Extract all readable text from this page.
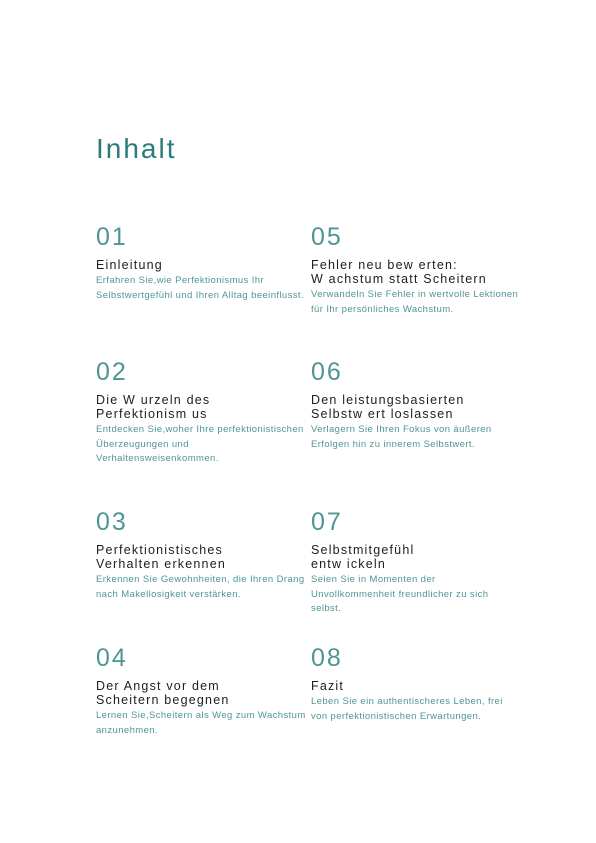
Inhalt
01
Einleitung
Erfahren Sie,wie Perfektionismus Ihr Selbstwertgefühl und Ihren Alltag beeinflusst.
02
Die W urzeln des
Perfektionism us
Entdecken Sie,woher Ihre perfektionistischen Überzeugungen und Verhaltensweisenkommen.
03
Perfektionistisches
Verhalten erkennen
Erkennen Sie Gewohnheiten, die Ihren Drang nach Makellosigkeit verstärken.
04
Der Angst vor dem
Scheitern begegnen
Lernen Sie,Scheitern als Weg zum Wachstum anzunehmen.
05
Fehler neu bew erten:
W achstum statt Scheitern
Verwandeln Sie Fehler in wertvolle Lektionen für Ihr persönliches Wachstum.
06
Den leistungsbasierten
Selbstw ert loslassen
Verlagern Sie Ihren Fokus von äußeren Erfolgen hin zu innerem Selbstwert.
07
Selbstmitgefühl
entw ickeln
Seien Sie in Momenten der Unvollkommenheit freundlicher zu sich selbst.
08
Fazit
Leben Sie ein authentischeres Leben, frei von perfektionistischen Erwartungen.
